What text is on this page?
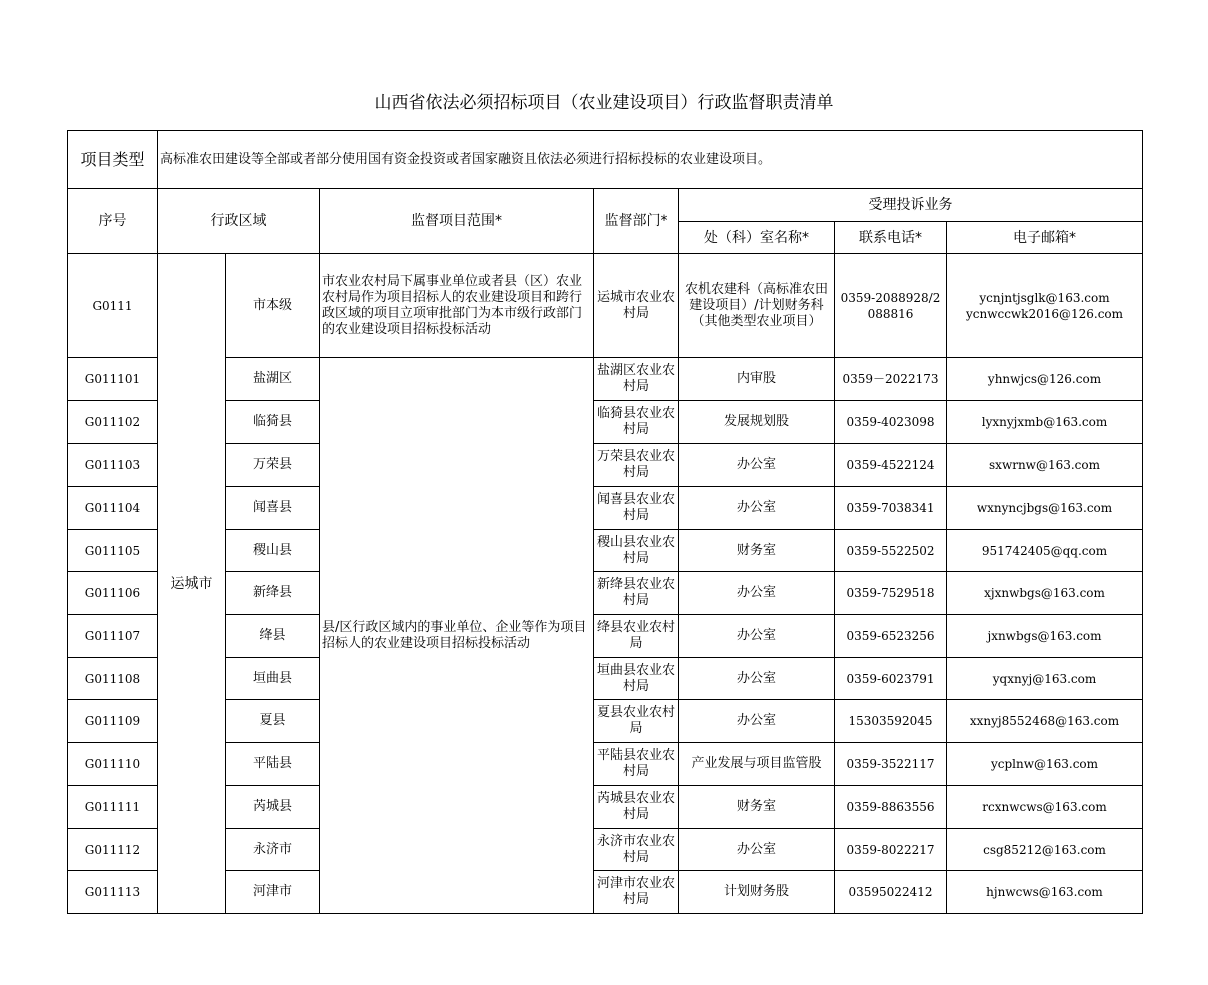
山西省依法必须招标项目（农业建设项目）行政监督职责清单
项目类型	高标准农田建设等全部或者部分使用国有资金投资或者国家融资且依法必须进行招标投标的农业建设项目。						
序号	行政区域		监督项目范围*	监督部门*	受理投诉业务		
					处（科）室名称*	联系电话*	电子邮箱*
G0111	运城市	市本级	市农业农村局下属事业单位或者县（区）农业农村局作为项目招标人的农业建设项目和跨行政区域的项目立项审批部门为本市级行政部门的农业建设项目招标投标活动	运城市农业农村局	农机农建科（高标准农田建设项目）/计划财务科（其他类型农业项目）	0359-2088928/2088816	ycnjntjsglk@163.com
ycnwccwk2016@126.com

G011101		盐湖区	县/区行政区域内的事业单位、企业等作为项目招标人的农业建设项目招标投标活动	盐湖区农业农村局	内审股	0359－2022173	yhnwjcs@126.com
G011102		临猗县		临猗县农业农村局	发展规划股	0359-4023098	lyxnyjxmb@163.com
G011103		万荣县		万荣县农业农村局	办公室	0359-4522124	sxwrnw@163.com
G011104		闻喜县		闻喜县农业农村局	办公室	0359-7038341	wxnyncjbgs@163.com
G011105		稷山县		稷山县农业农村局	财务室	0359-5522502	951742405@qq.com
G011106		新绛县		新绛县农业农村局	办公室	0359-7529518	xjxnwbgs@163.com
G011107		绛县		绛县农业农村局	办公室	0359-6523256	jxnwbgs@163.com
G011108		垣曲县		垣曲县农业农村局	办公室	0359-6023791	yqxnyj@163.com
G011109		夏县		夏县农业农村局	办公室	15303592045	xxnyj8552468@163.com
G011110		平陆县		平陆县农业农村局	产业发展与项目监管股	0359-3522117	ycplnw@163.com
G011111		芮城县		芮城县农业农村局	财务室	0359-8863556	rcxnwcws@163.com
G011112		永济市		永济市农业农村局	办公室	0359-8022217	csg85212@163.com
G011113		河津市		河津市农业农村局	计划财务股	03595022412	hjnwcws@163.com
